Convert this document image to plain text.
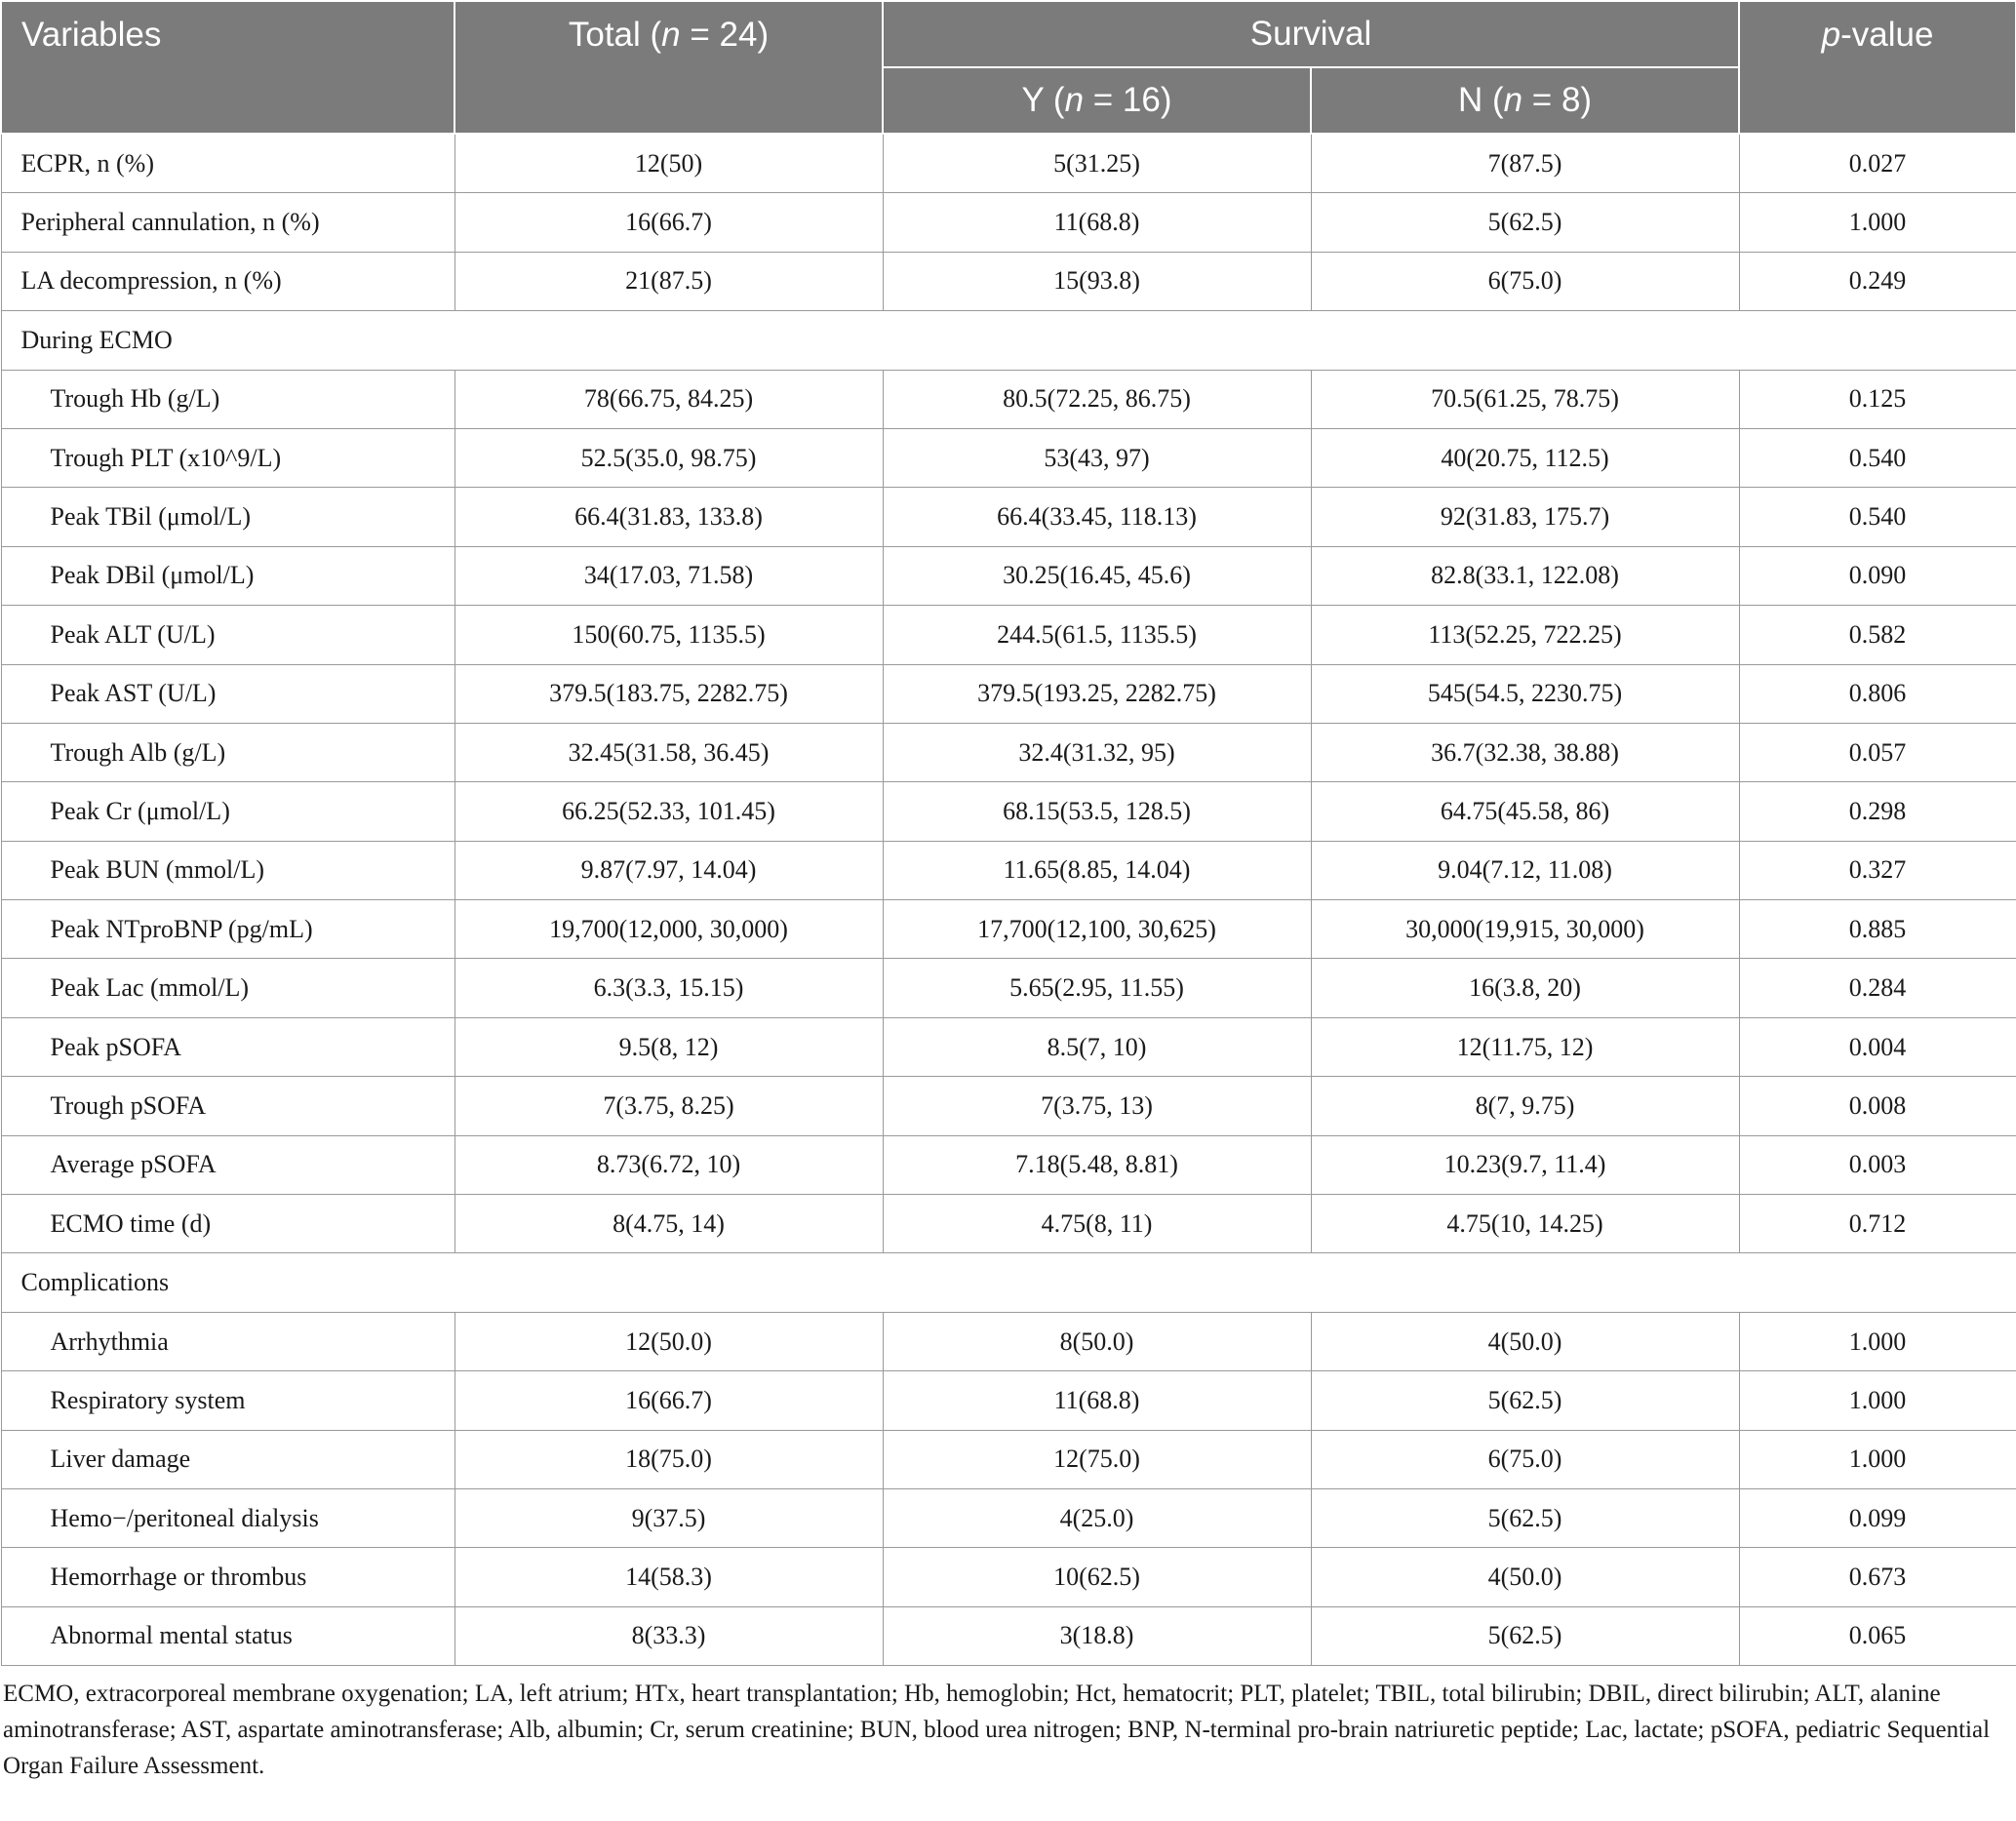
Variables	Total (n = 24)	Survival		p-value
		Y (n = 16)	N (n = 8)	
ECPR, n (%)	12(50)	5(31.25)	7(87.5)	0.027
Peripheral cannulation, n (%)	16(66.7)	11(68.8)	5(62.5)	1.000
LA decompression, n (%)	21(87.5)	15(93.8)	6(75.0)	0.249
During ECMO				
Trough Hb (g/L)	78(66.75, 84.25)	80.5(72.25, 86.75)	70.5(61.25, 78.75)	0.125
Trough PLT (x10^9/L)	52.5(35.0, 98.75)	53(43, 97)	40(20.75, 112.5)	0.540
Peak TBil (μmol/L)	66.4(31.83, 133.8)	66.4(33.45, 118.13)	92(31.83, 175.7)	0.540
Peak DBil (μmol/L)	34(17.03, 71.58)	30.25(16.45, 45.6)	82.8(33.1, 122.08)	0.090
Peak ALT (U/L)	150(60.75, 1135.5)	244.5(61.5, 1135.5)	113(52.25, 722.25)	0.582
Peak AST (U/L)	379.5(183.75, 2282.75)	379.5(193.25, 2282.75)	545(54.5, 2230.75)	0.806
Trough Alb (g/L)	32.45(31.58, 36.45)	32.4(31.32, 95)	36.7(32.38, 38.88)	0.057
Peak Cr (μmol/L)	66.25(52.33, 101.45)	68.15(53.5, 128.5)	64.75(45.58, 86)	0.298
Peak BUN (mmol/L)	9.87(7.97, 14.04)	11.65(8.85, 14.04)	9.04(7.12, 11.08)	0.327
Peak NTproBNP (pg/mL)	19,700(12,000, 30,000)	17,700(12,100, 30,625)	30,000(19,915, 30,000)	0.885
Peak Lac (mmol/L)	6.3(3.3, 15.15)	5.65(2.95, 11.55)	16(3.8, 20)	0.284
Peak pSOFA	9.5(8, 12)	8.5(7, 10)	12(11.75, 12)	0.004
Trough pSOFA	7(3.75, 8.25)	7(3.75, 13)	8(7, 9.75)	0.008
Average pSOFA	8.73(6.72, 10)	7.18(5.48, 8.81)	10.23(9.7, 11.4)	0.003
ECMO time (d)	8(4.75, 14)	4.75(8, 11)	4.75(10, 14.25)	0.712
Complications				
Arrhythmia	12(50.0)	8(50.0)	4(50.0)	1.000
Respiratory system	16(66.7)	11(68.8)	5(62.5)	1.000
Liver damage	18(75.0)	12(75.0)	6(75.0)	1.000
Hemo−/peritoneal dialysis	9(37.5)	4(25.0)	5(62.5)	0.099
Hemorrhage or thrombus	14(58.3)	10(62.5)	4(50.0)	0.673
Abnormal mental status	8(33.3)	3(18.8)	5(62.5)	0.065
ECMO, extracorporeal membrane oxygenation; LA, left atrium; HTx, heart transplantation; Hb, hemoglobin; Hct, hematocrit; PLT, platelet; TBIL, total bilirubin; DBIL, direct bilirubin; ALT, alanine aminotransferase; AST, aspartate aminotransferase; Alb, albumin; Cr, serum creatinine; BUN, blood urea nitrogen; BNP, N-terminal pro-brain natriuretic peptide; Lac, lactate; pSOFA, pediatric Sequential Organ Failure Assessment.
